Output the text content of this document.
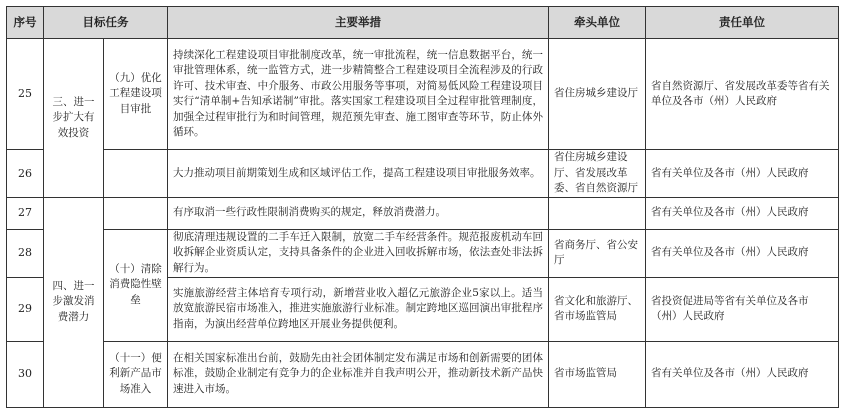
序号	目标任务		主要举措	牵头单位	责任单位
25	三、进一步扩大有效投资	（九）优化工程建设项目审批	持续深化工程建设项目审批制度改革，统一审批流程，统一信息数据平台，统一审批管理体系，统一监管方式，进一步精简整合工程建设项目全流程涉及的行政许可、技术审查、中介服务、市政公用服务等事项，对简易低风险工程建设项目实行“清单制+告知承诺制”审批。落实国家工程建设项目全过程审批管理制度，加强全过程审批行为和时间管理，规范预先审查、施工图审查等环节，防止体外循环。	省住房城乡建设厅	省自然资源厅、省发展改革委等省有关单位及各市（州）人民政府
26			大力推动项目前期策划生成和区域评估工作，提高工程建设项目审批服务效率。	省住房城乡建设厅、省发展改革委、省自然资源厅	省有关单位及各市（州）人民政府
27	四、进一步激发消费潜力		有序取消一些行政性限制消费购买的规定，释放消费潜力。		省有关单位及各市（州）人民政府
28		（十）清除消费隐性壁垒	彻底清理违规设置的二手车迁入限制，放宽二手车经营条件。规范报废机动车回收拆解企业资质认定，支持具备条件的企业进入回收拆解市场，依法查处非法拆解行为。	省商务厅、省公安厅	省有关单位及各市（州）人民政府
29			实施旅游经营主体培育专项行动，新增营业收入超亿元旅游企业5家以上。适当放宽旅游民宿市场准入，推进实施旅游行业标准。制定跨地区巡回演出审批程序指南，为演出经营单位跨地区开展业务提供便利。	省文化和旅游厅、省市场监管局	省投资促进局等省有关单位及各市（州）人民政府
30		（十一）便利新产品市场准入	在相关国家标准出台前，鼓励先由社会团体制定发布满足市场和创新需要的团体标准，鼓励企业制定有竞争力的企业标准并自我声明公开，推动新技术新产品快速进入市场。	省市场监管局	省有关单位及各市（州）人民政府
